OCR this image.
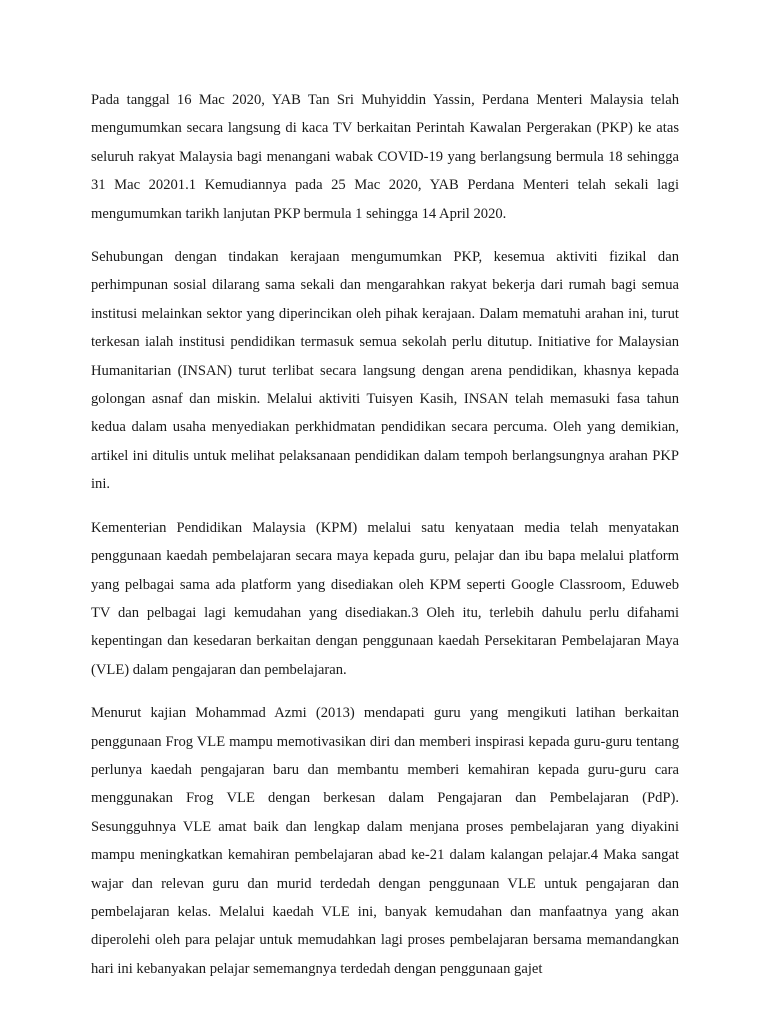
Pada tanggal 16 Mac 2020, YAB Tan Sri Muhyiddin Yassin, Perdana Menteri Malaysia telah mengumumkan secara langsung di kaca TV berkaitan Perintah Kawalan Pergerakan (PKP) ke atas seluruh rakyat Malaysia bagi menangani wabak COVID-19 yang berlangsung bermula 18 sehingga 31 Mac 20201.1 Kemudiannya pada 25 Mac 2020, YAB Perdana Menteri telah sekali lagi mengumumkan tarikh lanjutan PKP bermula 1 sehingga 14 April 2020.

Sehubungan dengan tindakan kerajaan mengumumkan PKP, kesemua aktiviti fizikal dan perhimpunan sosial dilarang sama sekali dan mengarahkan rakyat bekerja dari rumah bagi semua institusi melainkan sektor yang diperincikan oleh pihak kerajaan. Dalam mematuhi arahan ini, turut terkesan ialah institusi pendidikan termasuk semua sekolah perlu ditutup. Initiative for Malaysian Humanitarian (INSAN) turut terlibat secara langsung dengan arena pendidikan, khasnya kepada golongan asnaf dan miskin. Melalui aktiviti Tuisyen Kasih, INSAN telah memasuki fasa tahun kedua dalam usaha menyediakan perkhidmatan pendidikan secara percuma. Oleh yang demikian, artikel ini ditulis untuk melihat pelaksanaan pendidikan dalam tempoh berlangsungnya arahan PKP ini.

Kementerian Pendidikan Malaysia (KPM) melalui satu kenyataan media telah menyatakan penggunaan kaedah pembelajaran secara maya kepada guru, pelajar dan ibu bapa melalui platform yang pelbagai sama ada platform yang disediakan oleh KPM seperti Google Classroom, Eduweb TV dan pelbagai lagi kemudahan yang disediakan.3 Oleh itu, terlebih dahulu perlu difahami kepentingan dan kesedaran berkaitan dengan penggunaan kaedah Persekitaran Pembelajaran Maya (VLE) dalam pengajaran dan pembelajaran.

Menurut kajian Mohammad Azmi (2013) mendapati guru yang mengikuti latihan berkaitan penggunaan Frog VLE mampu memotivasikan diri dan memberi inspirasi kepada guru-guru tentang perlunya kaedah pengajaran baru dan membantu memberi kemahiran kepada guru-guru cara menggunakan Frog VLE dengan berkesan dalam Pengajaran dan Pembelajaran (PdP). Sesungguhnya VLE amat baik dan lengkap dalam menjana proses pembelajaran yang diyakini mampu meningkatkan kemahiran pembelajaran abad ke-21 dalam kalangan pelajar.4 Maka sangat wajar dan relevan guru dan murid terdedah dengan penggunaan VLE untuk pengajaran dan pembelajaran kelas. Melalui kaedah VLE ini, banyak kemudahan dan manfaatnya yang akan diperolehi oleh para pelajar untuk memudahkan lagi proses pembelajaran bersama memandangkan hari ini kebanyakan pelajar sememangnya terdedah dengan penggunaan gajet
